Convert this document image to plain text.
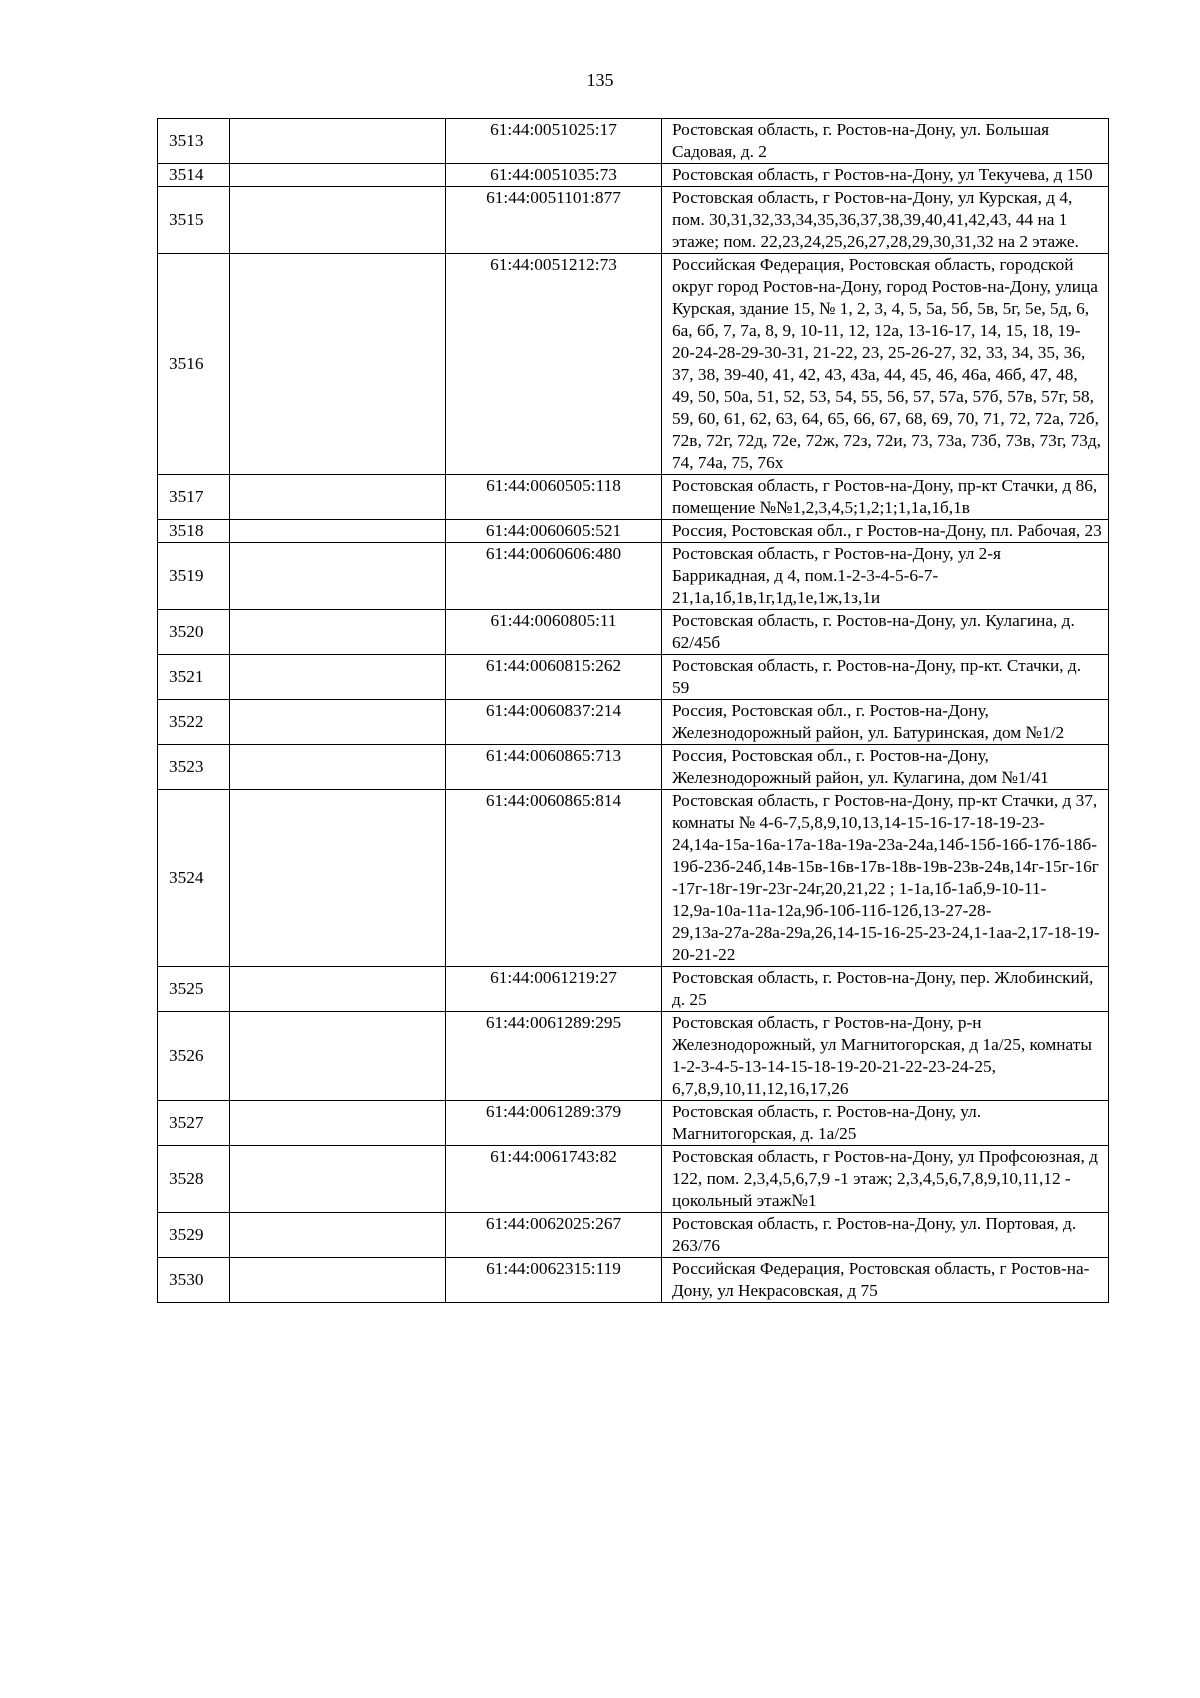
135
3513		61:44:0051025:17	Ростовская область, г. Ростов-на-Дону, ул. Большая Садовая, д. 2
3514		61:44:0051035:73	Ростовская область, г Ростов-на-Дону, ул Текучева, д 150
3515		61:44:0051101:877	Ростовская область, г Ростов-на-Дону, ул Курская, д 4, пом. 30,31,32,33,34,35,36,37,38,39,40,41,42,43, 44 на 1 этаже; пом. 22,23,24,25,26,27,28,29,30,31,32 на 2 этаже.
3516		61:44:0051212:73	Российская Федерация, Ростовская область, городской округ город Ростов-на-Дону, город Ростов-на-Дону, улица Курская, здание 15, № 1, 2, 3, 4, 5, 5а, 5б, 5в, 5г, 5е, 5д, 6, 6а, 6б, 7, 7а, 8, 9, 10-11, 12, 12а, 13-16-17, 14, 15, 18, 19-20-24-28-29-30-31, 21-22, 23, 25-26-27, 32, 33, 34, 35, 36, 37, 38, 39-40, 41, 42, 43, 43а, 44, 45, 46, 46а, 46б, 47, 48, 49, 50, 50а, 51, 52, 53, 54, 55, 56, 57, 57а, 57б, 57в, 57г, 58, 59, 60, 61, 62, 63, 64, 65, 66, 67, 68, 69, 70, 71, 72, 72а, 72б, 72в, 72г, 72д, 72е, 72ж, 72з, 72и, 73, 73а, 73б, 73в, 73г, 73д, 74, 74а, 75, 76х
3517		61:44:0060505:118	Ростовская область, г Ростов-на-Дону, пр-кт Стачки, д 86, помещение №№1,2,3,4,5;1,2;1;1,1а,1б,1в
3518		61:44:0060605:521	Россия, Ростовская обл., г Ростов-на-Дону, пл. Рабочая, 23
3519		61:44:0060606:480	Ростовская область, г Ростов-на-Дону, ул 2-я Баррикадная, д 4, пом.1-2-3-4-5-6-7-21,1а,1б,1в,1г,1д,1е,1ж,1з,1и
3520		61:44:0060805:11	Ростовская область, г. Ростов-на-Дону, ул. Кулагина, д. 62/45б
3521		61:44:0060815:262	Ростовская область, г. Ростов-на-Дону, пр-кт. Стачки, д. 59
3522		61:44:0060837:214	Россия, Ростовская обл., г. Ростов-на-Дону, Железнодорожный район, ул. Батуринская, дом №1/2
3523		61:44:0060865:713	Россия, Ростовская обл., г. Ростов-на-Дону, Железнодорожный район, ул. Кулагина, дом №1/41
3524		61:44:0060865:814	Ростовская область, г Ростов-на-Дону, пр-кт Стачки, д 37, комнаты № 4-6-7,5,8,9,10,13,14-15-16-17-18-19-23-24,14а-15а-16а-17а-18а-19а-23а-24а,14б-15б-16б-17б-18б-19б-23б-24б,14в-15в-16в-17в-18в-19в-23в-24в,14г-15г-16г-17г-18г-19г-23г-24г,20,21,22 ; 1-1а,1б-1аб,9-10-11-12,9а-10а-11а-12а,9б-10б-11б-12б,13-27-28-29,13а-27а-28а-29а,26,14-15-16-25-23-24,1-1аа-2,17-18-19-20-21-22
3525		61:44:0061219:27	Ростовская область, г. Ростов-на-Дону, пер. Жлобинский, д. 25
3526		61:44:0061289:295	Ростовская область, г Ростов-на-Дону, р-н Железнодорожный, ул Магнитогорская, д 1а/25, комнаты 1-2-3-4-5-13-14-15-18-19-20-21-22-23-24-25, 6,7,8,9,10,11,12,16,17,26
3527		61:44:0061289:379	Ростовская область, г. Ростов-на-Дону, ул. Магнитогорская, д. 1а/25
3528		61:44:0061743:82	Ростовская область, г Ростов-на-Дону, ул Профсоюзная, д 122, пом. 2,3,4,5,6,7,9 -1 этаж; 2,3,4,5,6,7,8,9,10,11,12 - цокольный этаж№1
3529		61:44:0062025:267	Ростовская область, г. Ростов-на-Дону, ул. Портовая, д. 263/76
3530		61:44:0062315:119	Российская Федерация, Ростовская область, г Ростов-на-Дону, ул Некрасовская, д 75
